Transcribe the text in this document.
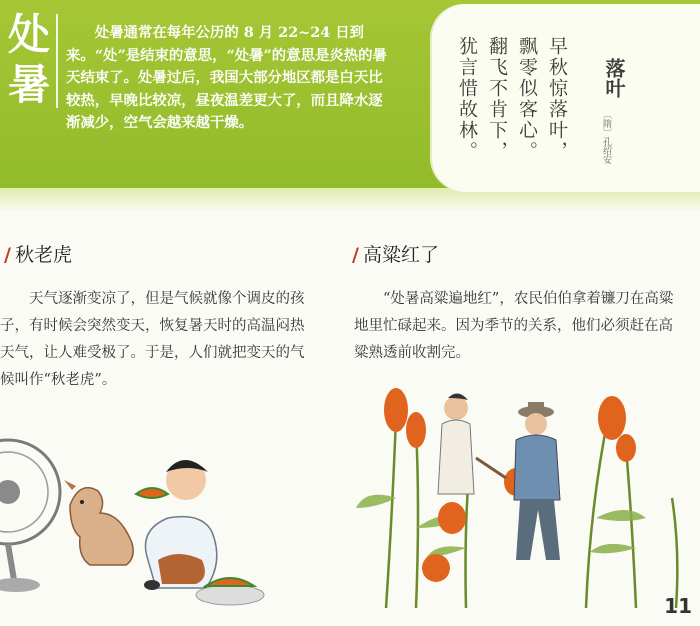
处暑
处暑通常在每年公历的 8 月 22~24 日到来。“处”是结束的意思，“处暑”的意思是炎热的暑天结束了。处暑过后，我国大部分地区都是白天比较热，早晚比较凉，昼夜温差更大了，而且降水逐渐减少，空气会越来越干燥。
落叶
〔隋〕孔绍安
早秋惊落叶，
飘零似客心。
翻飞不肯下，
犹言惜故林。
/ 秋老虎
天气逐渐变凉了，但是气候就像个调皮的孩子，有时候会突然变天，恢复暑天时的高温闷热天气，让人难受极了。于是，人们就把变天的气候叫作“秋老虎”。
/ 高粱红了
“处暑高粱遍地红”，农民伯伯拿着镰刀在高粱地里忙碌起来。因为季节的关系，他们必须赶在高粱熟透前收割完。
11
